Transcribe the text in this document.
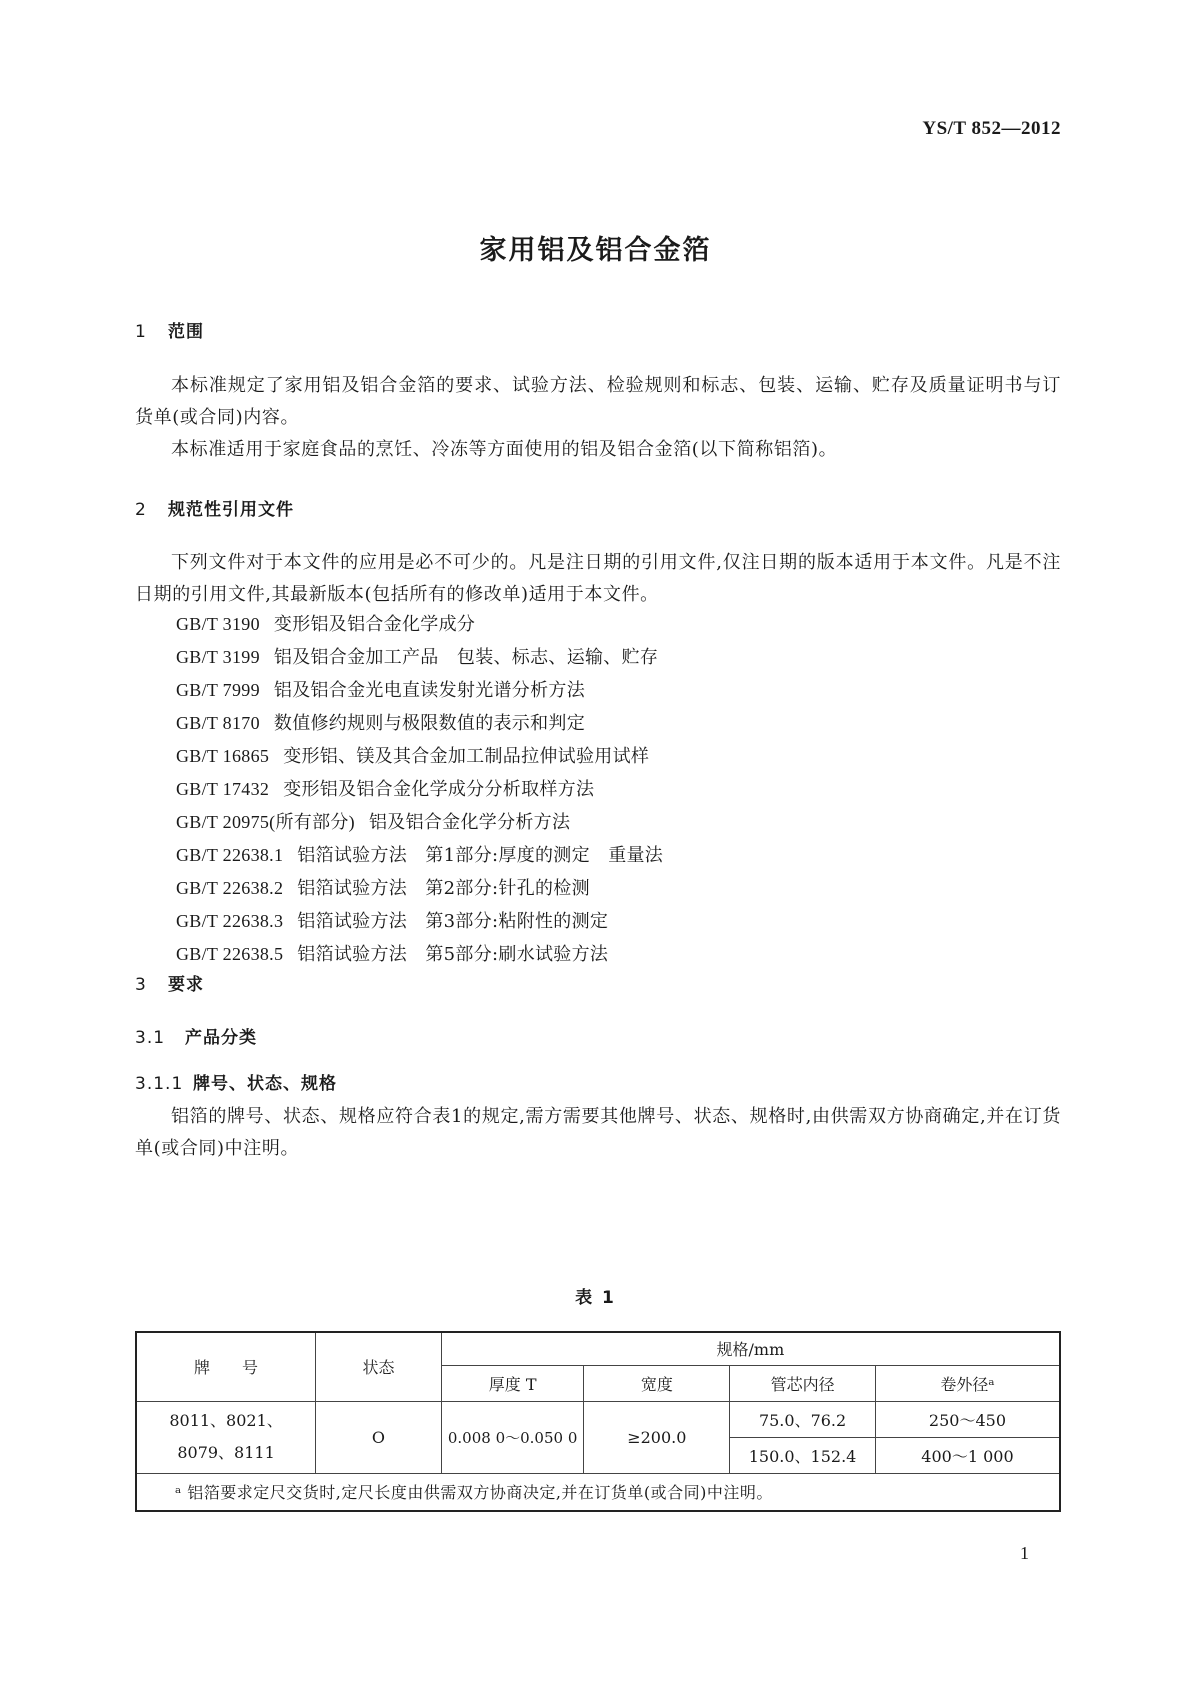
YS/T 852—2012
家用铝及铝合金箔
1 范围

本标准规定了家用铝及铝合金箔的要求、试验方法、检验规则和标志、包装、运输、贮存及质量证明书与订货单(或合同)内容。

本标准适用于家庭食品的烹饪、冷冻等方面使用的铝及铝合金箔(以下简称铝箔)。

2 规范性引用文件

下列文件对于本文件的应用是必不可少的。凡是注日期的引用文件,仅注日期的版本适用于本文件。凡是不注日期的引用文件,其最新版本(包括所有的修改单)适用于本文件。

GB/T 3190 变形铝及铝合金化学成分
GB/T 3199 铝及铝合金加工产品　包装、标志、运输、贮存
GB/T 7999 铝及铝合金光电直读发射光谱分析方法
GB/T 8170 数值修约规则与极限数值的表示和判定
GB/T 16865 变形铝、镁及其合金加工制品拉伸试验用试样
GB/T 17432 变形铝及铝合金化学成分分析取样方法
GB/T 20975(所有部分) 铝及铝合金化学分析方法
GB/T 22638.1 铝箔试验方法　第1部分:厚度的测定　重量法
GB/T 22638.2 铝箔试验方法　第2部分:针孔的检测
GB/T 22638.3 铝箔试验方法　第3部分:粘附性的测定
GB/T 22638.5 铝箔试验方法　第5部分:刷水试验方法
3 要求
3.1 产品分类
3.1.1 牌号、状态、规格

铝箔的牌号、状态、规格应符合表1的规定,需方需要其他牌号、状态、规格时,由供需双方协商确定,并在订货单(或合同)中注明。

表 1
牌　　号	状态	规格/mm			
		厚度 T	宽度	管芯内径	卷外径ᵃ

8011、8021、
8079、8111	O	0.008 0～0.050 0	≥200.0	75.0、76.2	250～450
				150.0、152.4	400～1 000
ᵃ 铝箔要求定尺交货时,定尺长度由供需双方协商决定,并在订货单(或合同)中注明。					
1
